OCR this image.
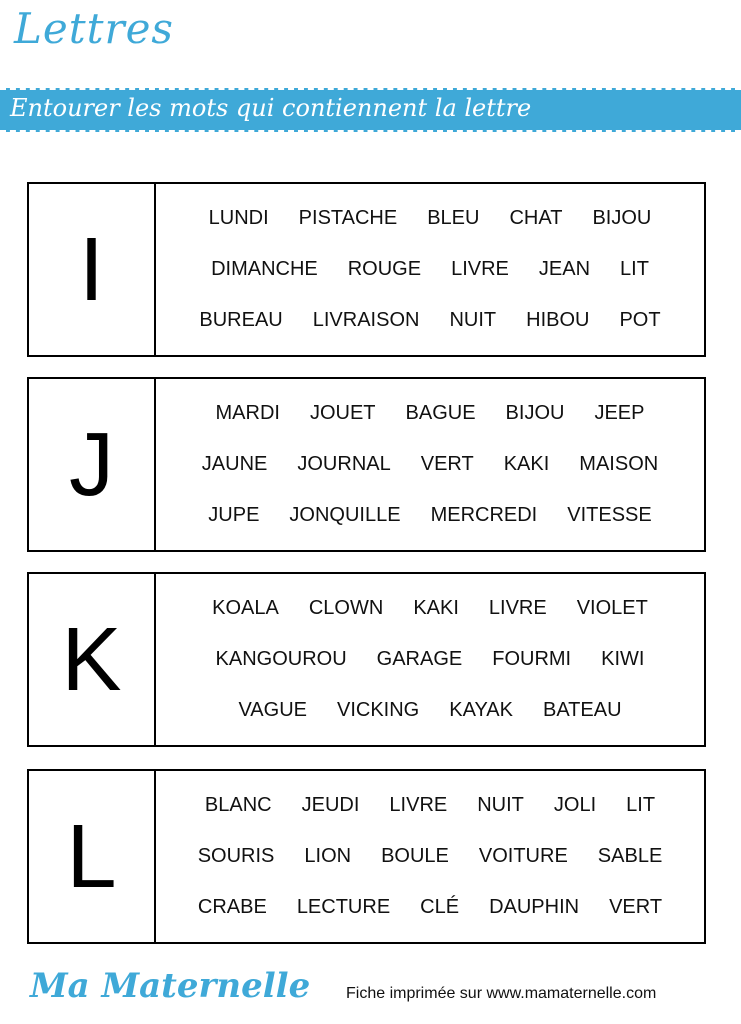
Lettres
Entourer les mots qui contiennent la lettre
I
LUNDI PISTACHE BLEU CHAT BIJOU
DIMANCHE ROUGE LIVRE JEAN LIT
BUREAU LIVRAISON NUIT HIBOU POT
J
MARDI JOUET BAGUE BIJOU JEEP
JAUNE JOURNAL VERT KAKI MAISON
JUPE JONQUILLE MERCREDI VITESSE
K
KOALA CLOWN KAKI LIVRE VIOLET
KANGOUROU GARAGE FOURMI KIWI
VAGUE VICKING KAYAK BATEAU
L
BLANC JEUDI LIVRE NUIT JOLI LIT
SOURIS LION BOULE VOITURE SABLE
CRABE LECTURE CLÉ DAUPHIN VERT
Ma Maternelle Fiche imprimée sur www.mamaternelle.com
